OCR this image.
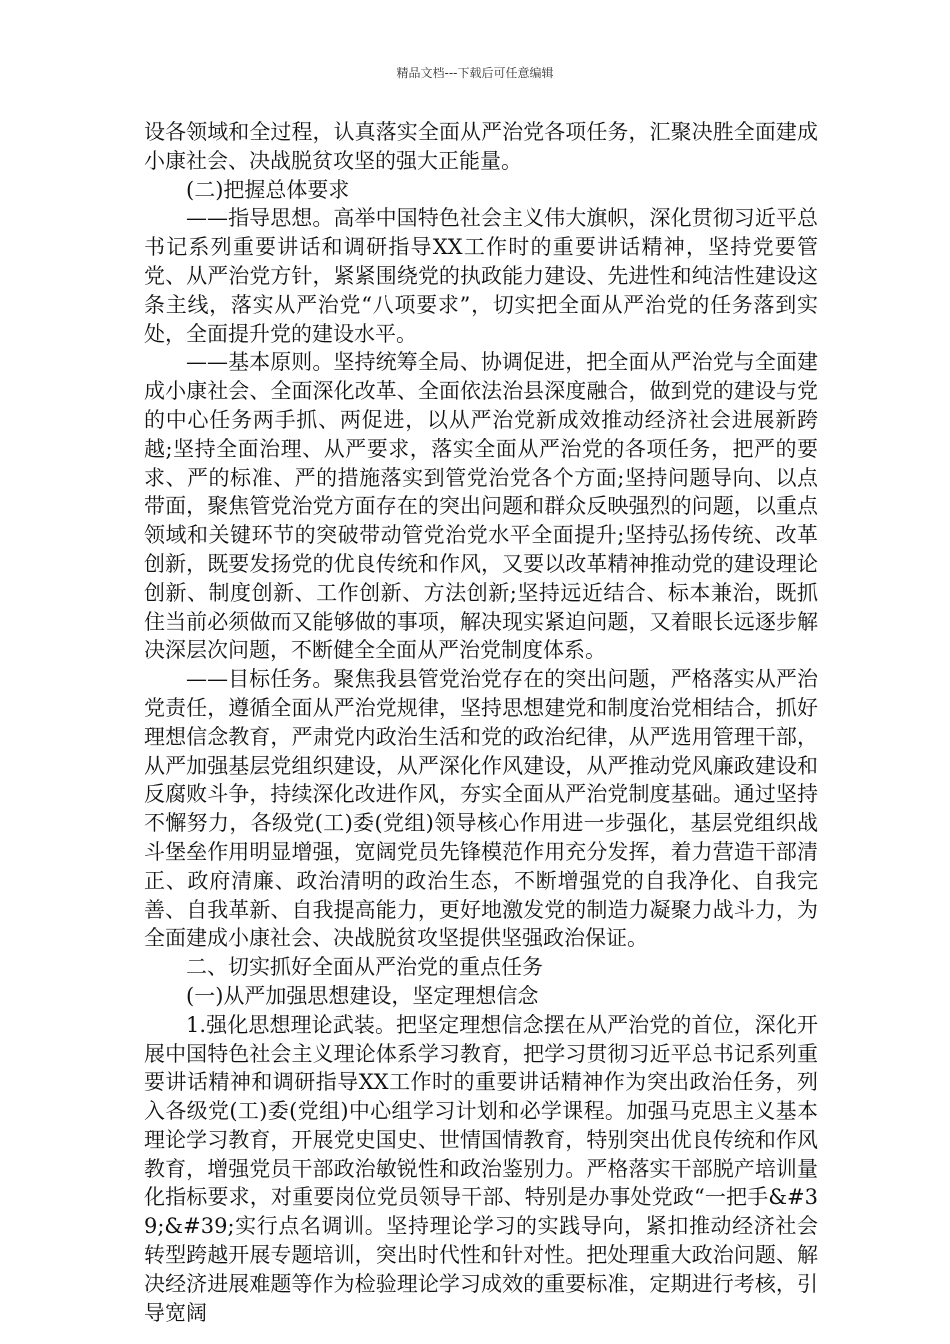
精品文档---下载后可任意编辑

设各领域和全过程，认真落实全面从严治党各项任务，汇聚决胜全面建成小康社会、决战脱贫攻坚的强大正能量。

(二)把握总体要求

——指导思想。高举中国特色社会主义伟大旗帜，深化贯彻习近平总书记系列重要讲话和调研指导XX工作时的重要讲话精神，坚持党要管党、从严治党方针，紧紧围绕党的执政能力建设、先进性和纯洁性建设这条主线，落实从严治党“八项要求”，切实把全面从严治党的任务落到实处，全面提升党的建设水平。

——基本原则。坚持统筹全局、协调促进，把全面从严治党与全面建成小康社会、全面深化改革、全面依法治县深度融合，做到党的建设与党的中心任务两手抓、两促进，以从严治党新成效推动经济社会进展新跨越;坚持全面治理、从严要求，落实全面从严治党的各项任务，把严的要求、严的标准、严的措施落实到管党治党各个方面;坚持问题导向、以点带面，聚焦管党治党方面存在的突出问题和群众反映强烈的问题，以重点领域和关键环节的突破带动管党治党水平全面提升;坚持弘扬传统、改革创新，既要发扬党的优良传统和作风，又要以改革精神推动党的建设理论创新、制度创新、工作创新、方法创新;坚持远近结合、标本兼治，既抓住当前必须做而又能够做的事项，解决现实紧迫问题，又着眼长远逐步解决深层次问题，不断健全全面从严治党制度体系。

——目标任务。聚焦我县管党治党存在的突出问题，严格落实从严治党责任，遵循全面从严治党规律，坚持思想建党和制度治党相结合，抓好理想信念教育，严肃党内政治生活和党的政治纪律，从严选用管理干部，从严加强基层党组织建设，从严深化作风建设，从严推动党风廉政建设和反腐败斗争，持续深化改进作风，夯实全面从严治党制度基础。通过坚持不懈努力，各级党(工)委(党组)领导核心作用进一步强化，基层党组织战斗堡垒作用明显增强，宽阔党员先锋模范作用充分发挥，着力营造干部清正、政府清廉、政治清明的政治生态，不断增强党的自我净化、自我完善、自我革新、自我提高能力，更好地激发党的制造力凝聚力战斗力，为全面建成小康社会、决战脱贫攻坚提供坚强政治保证。

二、切实抓好全面从严治党的重点任务

(一)从严加强思想建设，坚定理想信念

1.强化思想理论武装。把坚定理想信念摆在从严治党的首位，深化开展中国特色社会主义理论体系学习教育，把学习贯彻习近平总书记系列重要讲话精神和调研指导XX工作时的重要讲话精神作为突出政治任务，列入各级党(工)委(党组)中心组学习计划和必学课程。加强马克思主义基本理论学习教育，开展党史国史、世情国情教育，特别突出优良传统和作风教育，增强党员干部政治敏锐性和政治鉴别力。严格落实干部脱产培训量化指标要求，对重要岗位党员领导干部、特别是办事处党政“一把手&#39;&#39;实行点名调训。坚持理论学习的实践导向，紧扣推动经济社会转型跨越开展专题培训，突出时代性和针对性。把处理重大政治问题、解决经济进展难题等作为检验理论学习成效的重要标准，定期进行考核，引导宽阔
